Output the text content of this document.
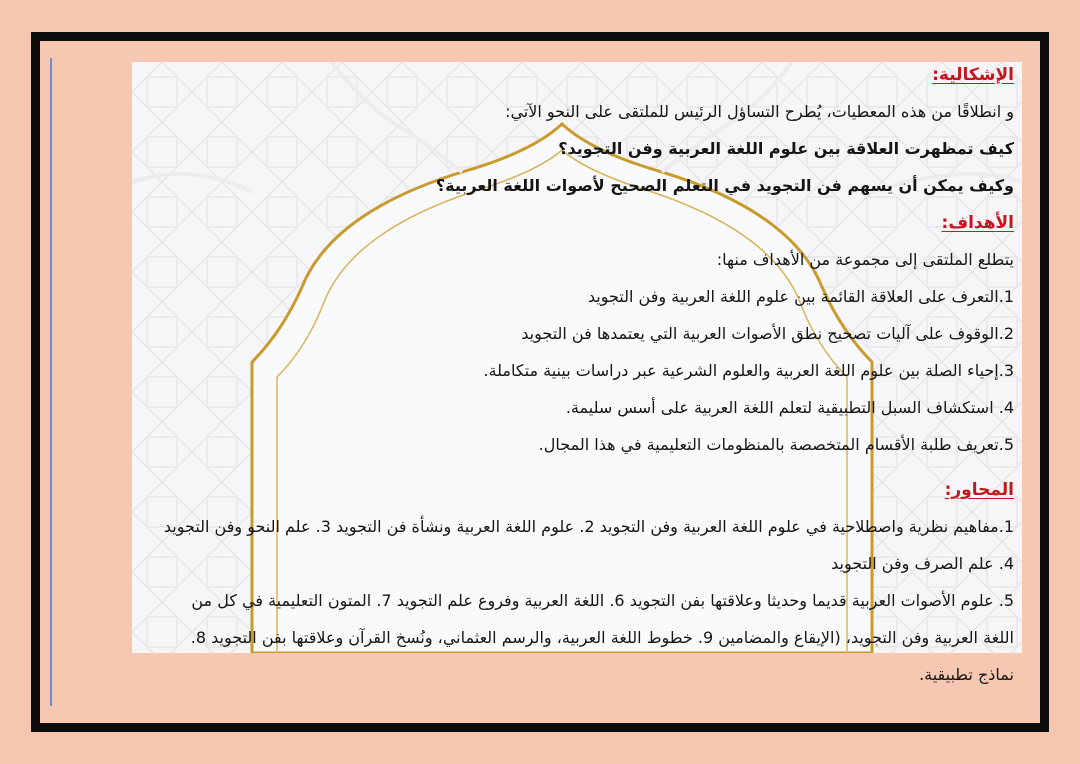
الإشكالية:
و انطلاقًا من هذه المعطيات، يُطرح التساؤل الرئيس للملتقى على النحو الآتي:
كيف تمظهرت العلاقة بين علوم اللغة العربية وفن التجويد؟
وكيف يمكن أن يسهم فن التجويد في التعلم الصحيح لأصوات اللغة العربية؟
الأهداف:
يتطلع الملتقى إلى مجموعة من الأهداف منها:
1.التعرف على العلاقة القائمة بين علوم اللغة العربية وفن التجويد
2.الوقوف على آليات تصحيح نطق الأصوات العربية التي يعتمدها فن التجويد
3.إحياء الصلة بين علوم اللغة العربية والعلوم الشرعية عبر دراسات بينية متكاملة.
4. استكشاف السبل التطبيقية لتعلم اللغة العربية على أسس سليمة.
5.تعريف طلبة الأقسام المتخصصة بالمنظومات التعليمية في هذا المجال.
المحاور:
1.مفاهيم نظرية واصطلاحية في علوم اللغة العربية وفن التجويد 2. علوم اللغة العربية ونشأة فن التجويد 3. علم النحو وفن التجويد
4. علم الصرف وفن التجويد
5. علوم الأصوات العربية قديما وحديثا وعلاقتها بفن التجويد 6. اللغة العربية وفروع علم التجويد 7. المتون التعليمية في كل من
اللغة العربية وفن التجويد، (الإيقاع والمضامين 9. خطوط اللغة العربية، والرسم العثماني، ونُسخ القرآن وعلاقتها بفن التجويد 8.
نماذج تطبيقية.
